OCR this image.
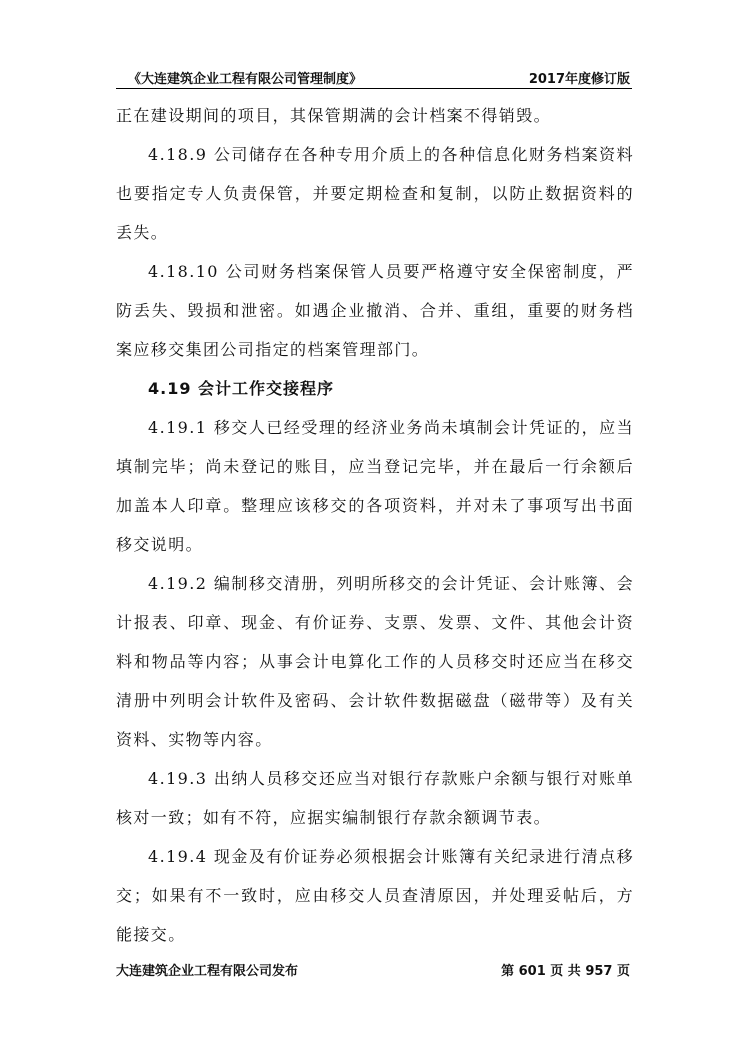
《大连建筑企业工程有限公司管理制度》	2017年度修订版

正在建设期间的项目，其保管期满的会计档案不得销毁。

4.18.9 公司储存在各种专用介质上的各种信息化财务档案资料也要指定专人负责保管，并要定期检查和复制，以防止数据资料的丢失。

4.18.10 公司财务档案保管人员要严格遵守安全保密制度，严防丢失、毁损和泄密。如遇企业撤消、合并、重组，重要的财务档案应移交集团公司指定的档案管理部门。

4.19 会计工作交接程序

4.19.1 移交人已经受理的经济业务尚未填制会计凭证的，应当填制完毕；尚未登记的账目，应当登记完毕，并在最后一行余额后加盖本人印章。整理应该移交的各项资料，并对未了事项写出书面移交说明。

4.19.2 编制移交清册，列明所移交的会计凭证、会计账簿、会计报表、印章、现金、有价证券、支票、发票、文件、其他会计资料和物品等内容；从事会计电算化工作的人员移交时还应当在移交清册中列明会计软件及密码、会计软件数据磁盘（磁带等）及有关资料、实物等内容。

4.19.3 出纳人员移交还应当对银行存款账户余额与银行对账单核对一致；如有不符，应据实编制银行存款余额调节表。

4.19.4 现金及有价证券必须根据会计账簿有关纪录进行清点移交；如果有不一致时，应由移交人员查清原因，并处理妥帖后，方能接交。

大连建筑企业工程有限公司发布	第 601 页 共 957 页
